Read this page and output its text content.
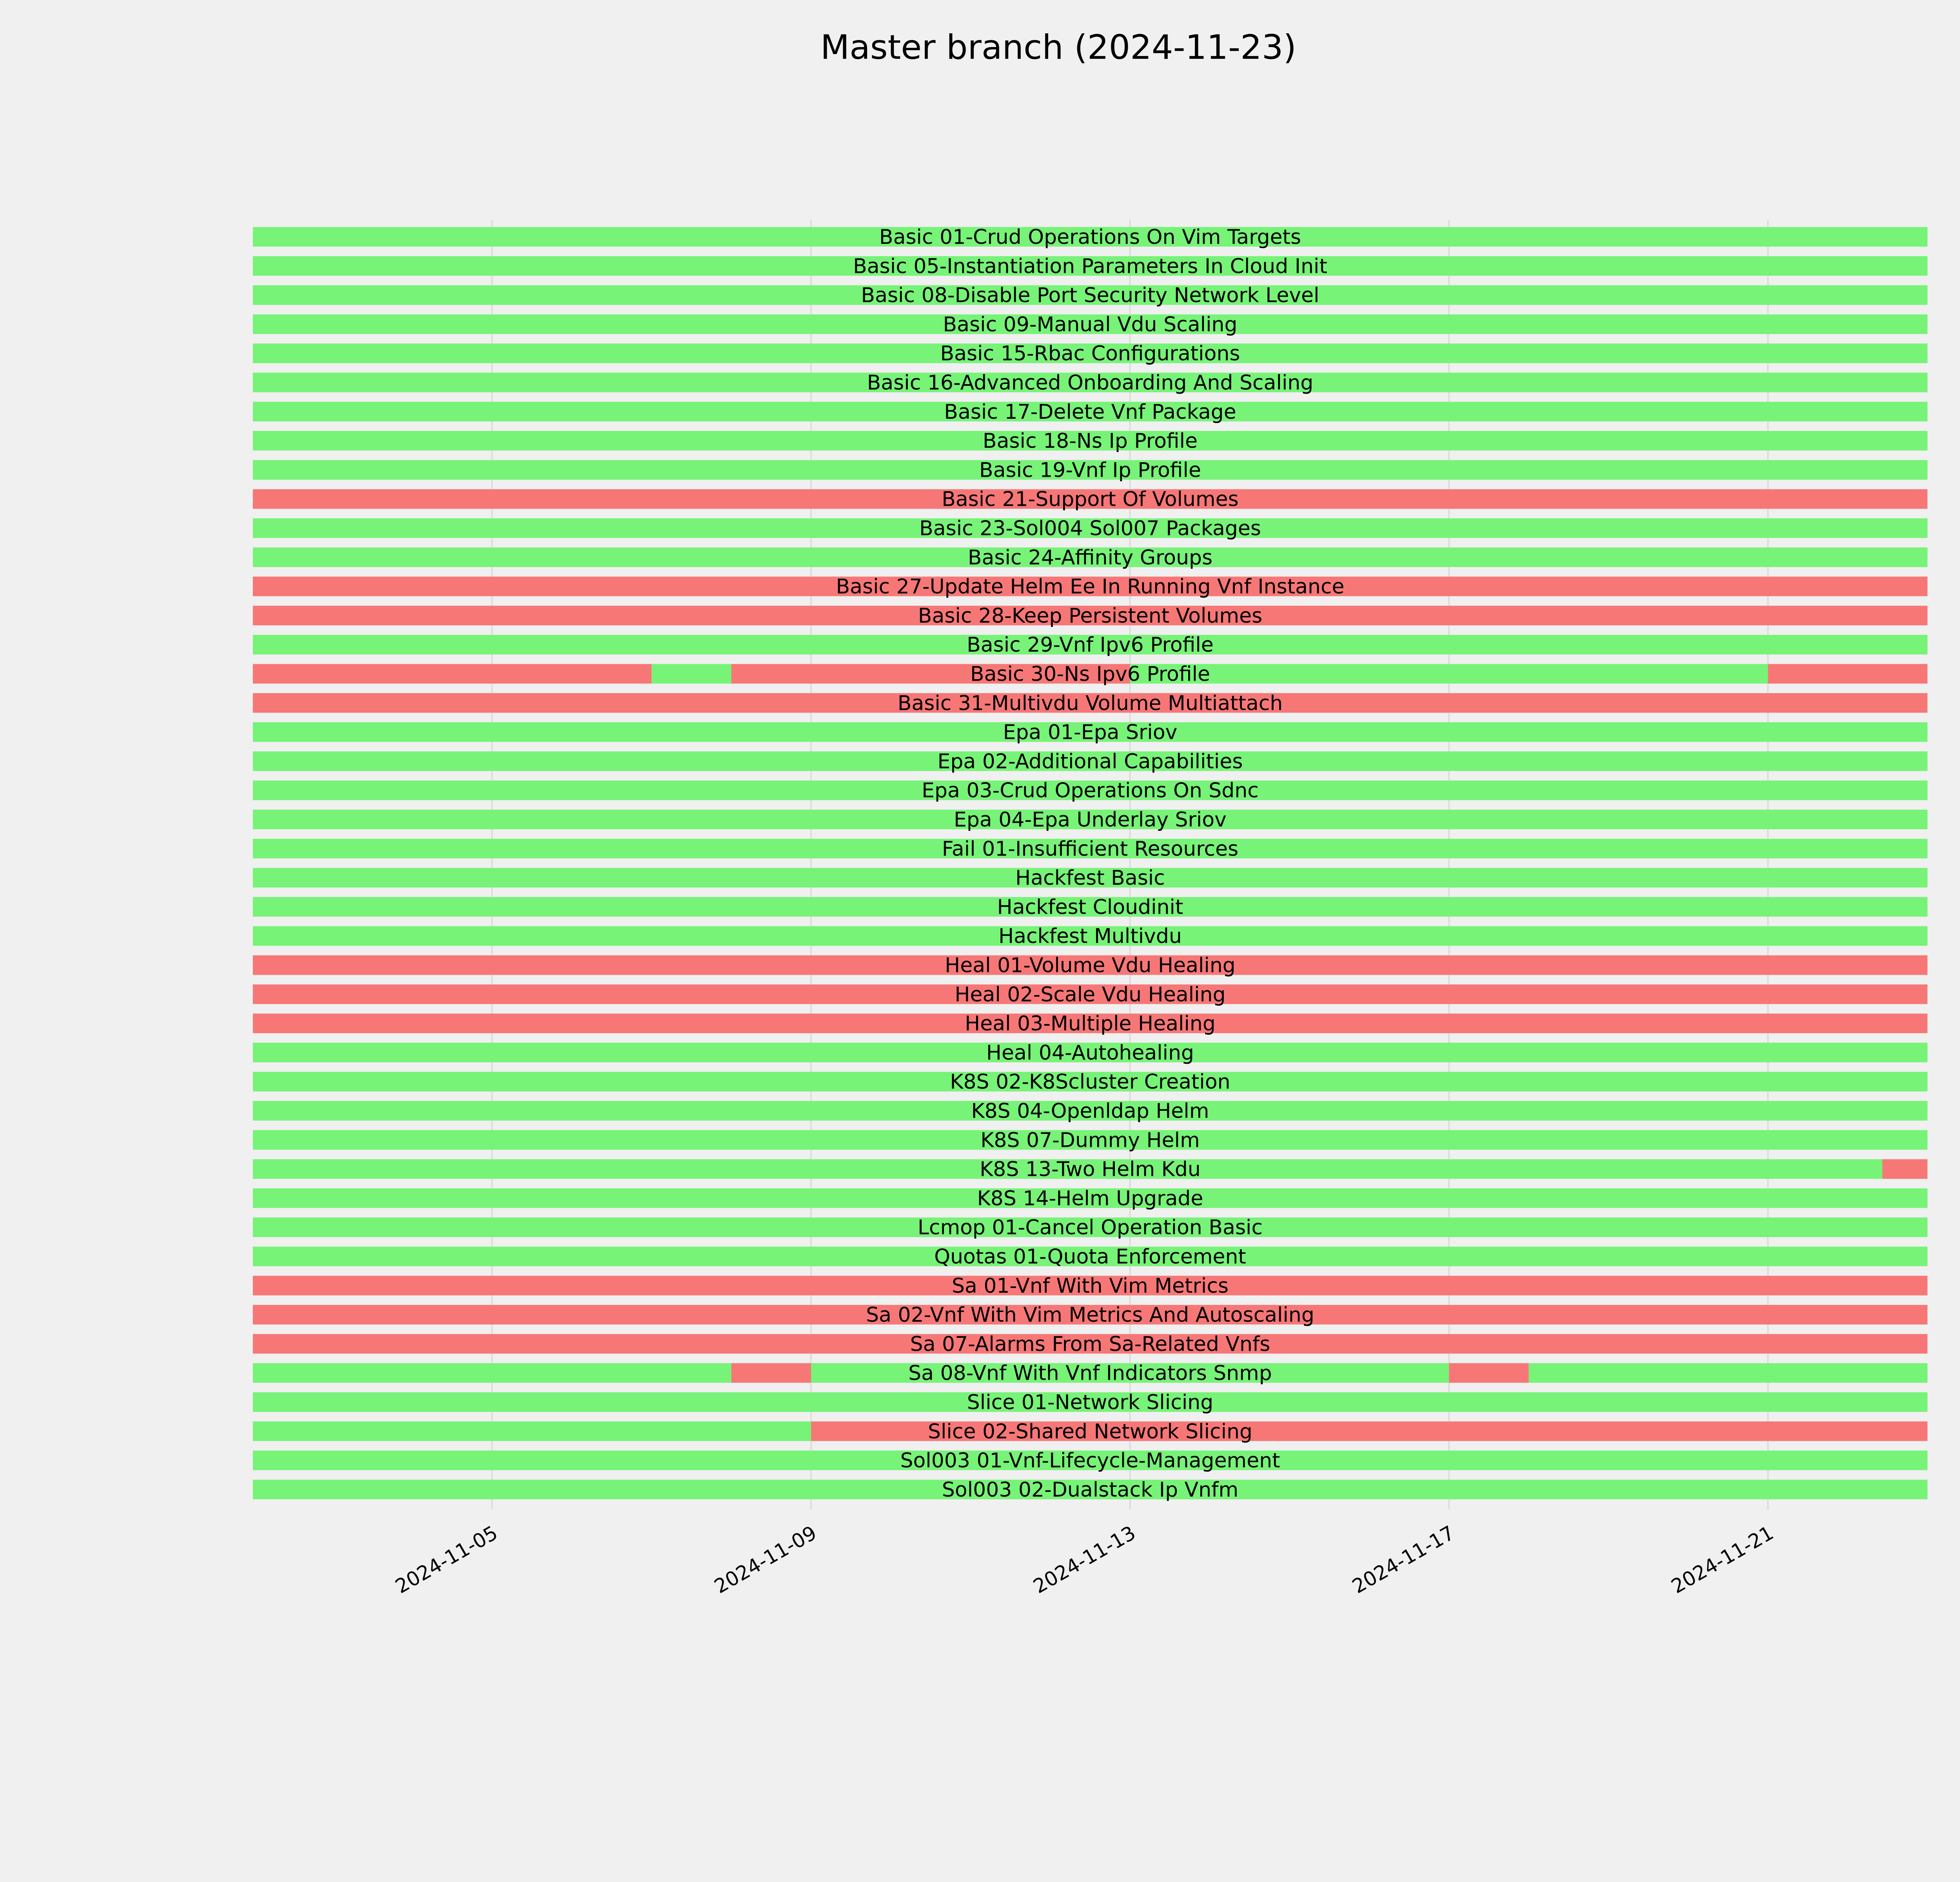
Master branch (2024-11-23)
Basic 01-Crud Operations On Vim Targets
Basic 05-Instantiation Parameters In Cloud Init
Basic 08-Disable Port Security Network Level
Basic 09-Manual Vdu Scaling
Basic 15-Rbac Configurations
Basic 16-Advanced Onboarding And Scaling
Basic 17-Delete Vnf Package
Basic 18-Ns Ip Profile
Basic 19-Vnf Ip Profile
Basic 21-Support Of Volumes
Basic 23-Sol004 Sol007 Packages
Basic 24-Affinity Groups
Basic 27-Update Helm Ee In Running Vnf Instance
Basic 28-Keep Persistent Volumes
Basic 29-Vnf Ipv6 Profile
Basic 30-Ns Ipv6 Profile
Basic 31-Multivdu Volume Multiattach
Epa 01-Epa Sriov
Epa 02-Additional Capabilities
Epa 03-Crud Operations On Sdnc
Epa 04-Epa Underlay Sriov
Fail 01-Insufficient Resources
Hackfest Basic
Hackfest Cloudinit
Hackfest Multivdu
Heal 01-Volume Vdu Healing
Heal 02-Scale Vdu Healing
Heal 03-Multiple Healing
Heal 04-Autohealing
K8S 02-K8Scluster Creation
K8S 04-Openldap Helm
K8S 07-Dummy Helm
K8S 13-Two Helm Kdu
K8S 14-Helm Upgrade
Lcmop 01-Cancel Operation Basic
Quotas 01-Quota Enforcement
Sa 01-Vnf With Vim Metrics
Sa 02-Vnf With Vim Metrics And Autoscaling
Sa 07-Alarms From Sa-Related Vnfs
Sa 08-Vnf With Vnf Indicators Snmp
Slice 01-Network Slicing
Slice 02-Shared Network Slicing
Sol003 01-Vnf-Lifecycle-Management
Sol003 02-Dualstack Ip Vnfm
2024-11-05	2024-11-09	2024-11-13	2024-11-17	2024-11-21
